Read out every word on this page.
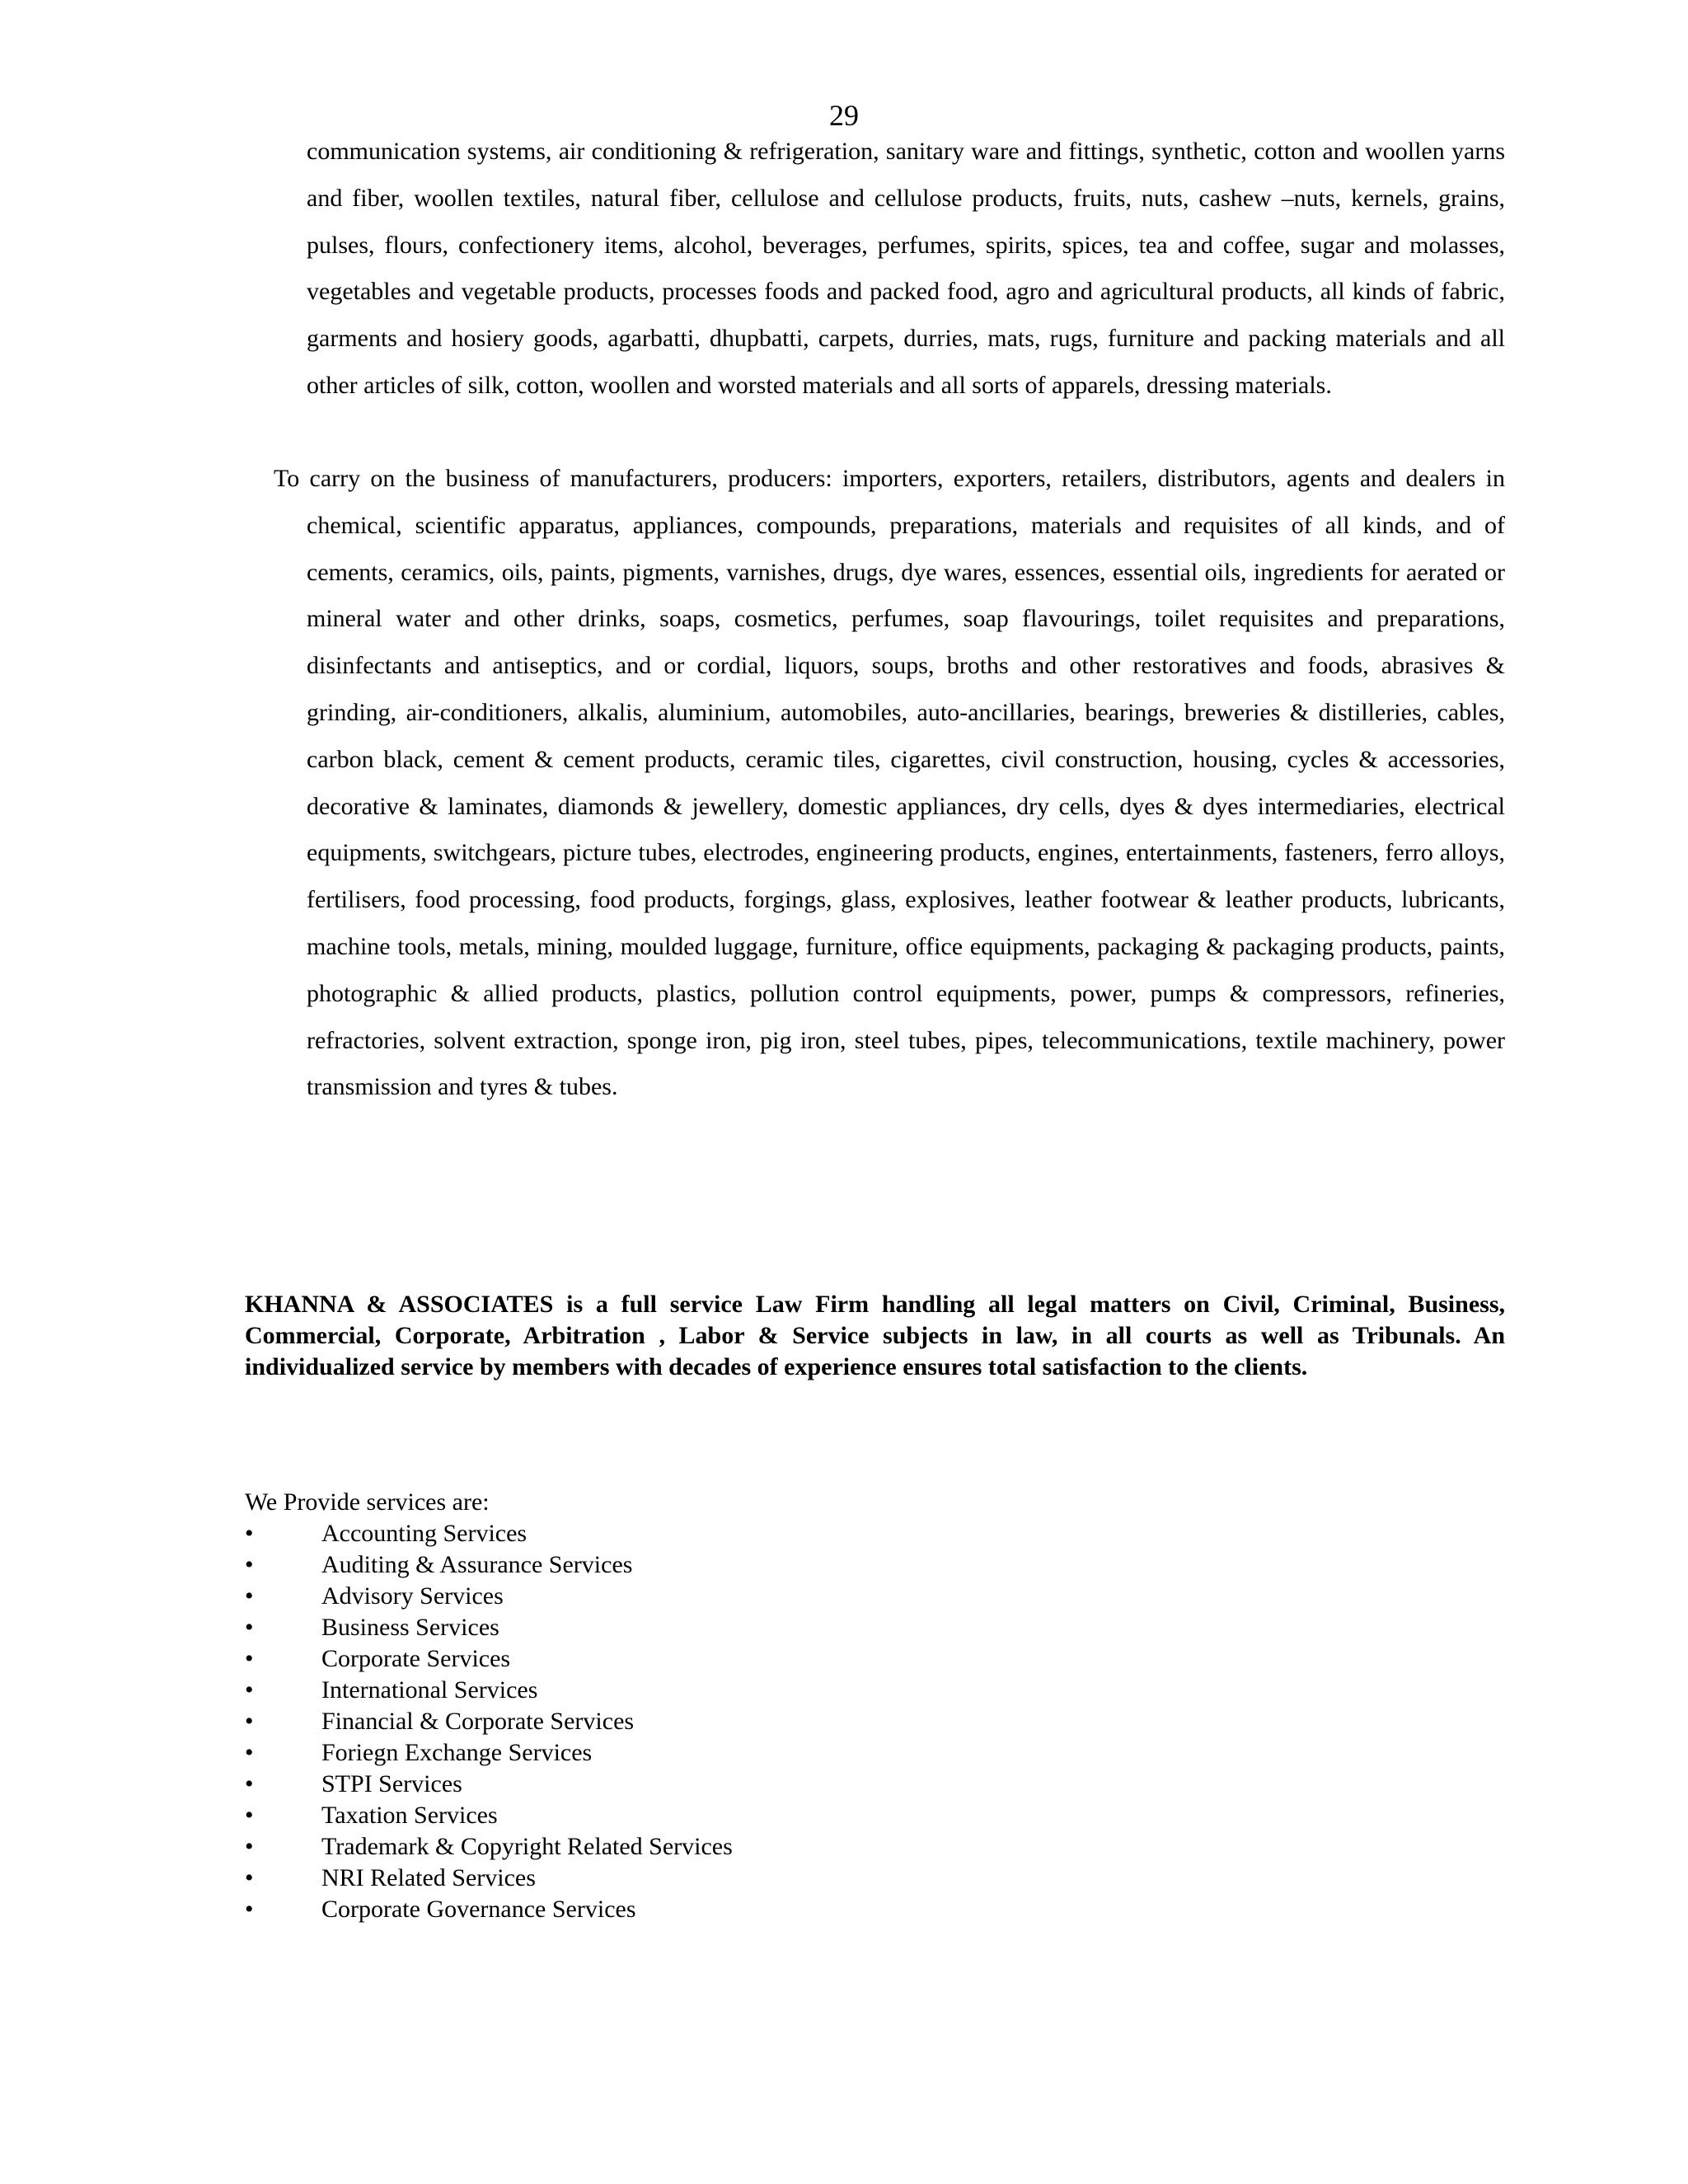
29

communication systems, air conditioning & refrigeration, sanitary ware and fittings, synthetic, cotton and woollen yarns and fiber, woollen textiles, natural fiber, cellulose and cellulose products, fruits, nuts, cashew –nuts, kernels, grains, pulses, flours, confectionery items, alcohol, beverages, perfumes, spirits, spices, tea and coffee, sugar and molasses, vegetables and vegetable products, processes foods and packed food, agro and agricultural products, all kinds of fabric, garments and hosiery goods, agarbatti, dhupbatti, carpets, durries, mats, rugs, furniture and packing materials and all other articles of silk, cotton, woollen and worsted materials and all sorts of apparels, dressing materials.

To carry on the business of manufacturers, producers: importers, exporters, retailers, distributors, agents and dealers in chemical, scientific apparatus, appliances, compounds, preparations, materials and requisites of all kinds, and of cements, ceramics, oils, paints, pigments, varnishes, drugs, dye wares, essences, essential oils, ingredients for aerated or mineral water and other drinks, soaps, cosmetics, perfumes, soap flavourings, toilet requisites and preparations, disinfectants and antiseptics, and or cordial, liquors, soups, broths and other restoratives and foods, abrasives & grinding, air-conditioners, alkalis, aluminium, automobiles, auto-ancillaries, bearings, breweries & distilleries, cables, carbon black, cement & cement products, ceramic tiles, cigarettes, civil construction, housing, cycles & accessories, decorative & laminates, diamonds & jewellery, domestic appliances, dry cells, dyes & dyes intermediaries, electrical equipments, switchgears, picture tubes, electrodes, engineering products, engines, entertainments, fasteners, ferro alloys, fertilisers, food processing, food products, forgings, glass, explosives, leather footwear & leather products, lubricants, machine tools, metals, mining, moulded luggage, furniture, office equipments, packaging & packaging products, paints, photographic & allied products, plastics, pollution control equipments, power, pumps & compressors, refineries, refractories, solvent extraction, sponge iron, pig iron, steel tubes, pipes, telecommunications, textile machinery, power transmission and tyres & tubes.

KHANNA & ASSOCIATES is a full service Law Firm handling all legal matters on Civil, Criminal, Business, Commercial, Corporate, Arbitration , Labor & Service subjects in law, in all courts as well as Tribunals. An individualized service by members with decades of experience ensures total satisfaction to the clients.

We Provide services are:

•	Accounting Services
•	Auditing & Assurance Services
•	Advisory Services
•	Business Services
•	Corporate Services
•	International Services
•	Financial & Corporate Services
•	Foriegn Exchange Services
•	STPI Services
•	Taxation Services
•	Trademark & Copyright Related Services
•	NRI Related Services
•	Corporate Governance Services
